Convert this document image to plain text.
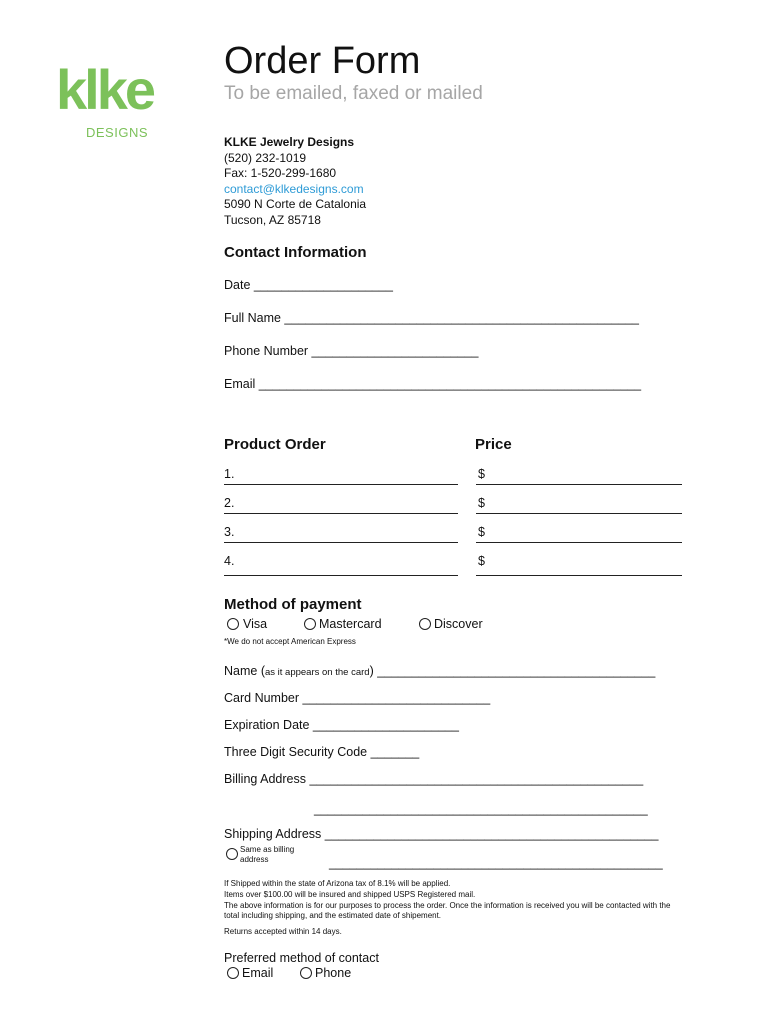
klke
DESIGNS
Order Form
To be emailed, faxed or mailed
KLKE Jewelry Designs
(520) 232-1019
Fax: 1-520-299-1680
contact@klkedesigns.com
5090 N Corte de Catalonia
Tucson, AZ 85718
Contact Information
Date ____________________
Full Name ___________________________________________________
Phone Number ________________________
Email _______________________________________________________
Product Order	Price
1.	$
2.	$
3.	$
4.	$
Method of payment
Visa	Mastercard	Discover
*We do not accept American Express
Name (as it appears on the card) ________________________________________
Card Number ___________________________
Expiration Date _____________________
Three Digit Security Code _______
Billing Address ________________________________________________
________________________________________________
Shipping Address ________________________________________________
Same as billing
address	________________________________________________
If Shipped within the state of Arizona tax of 8.1% will be applied.
Items over $100.00 will be insured and shipped USPS Registered mail.
The above information is for our purposes to process the order. Once the information is received you will be contacted with the
total including shipping, and the estimated date of shipement.
Returns accepted within 14 days.
Preferred method of contact
Email	Phone
